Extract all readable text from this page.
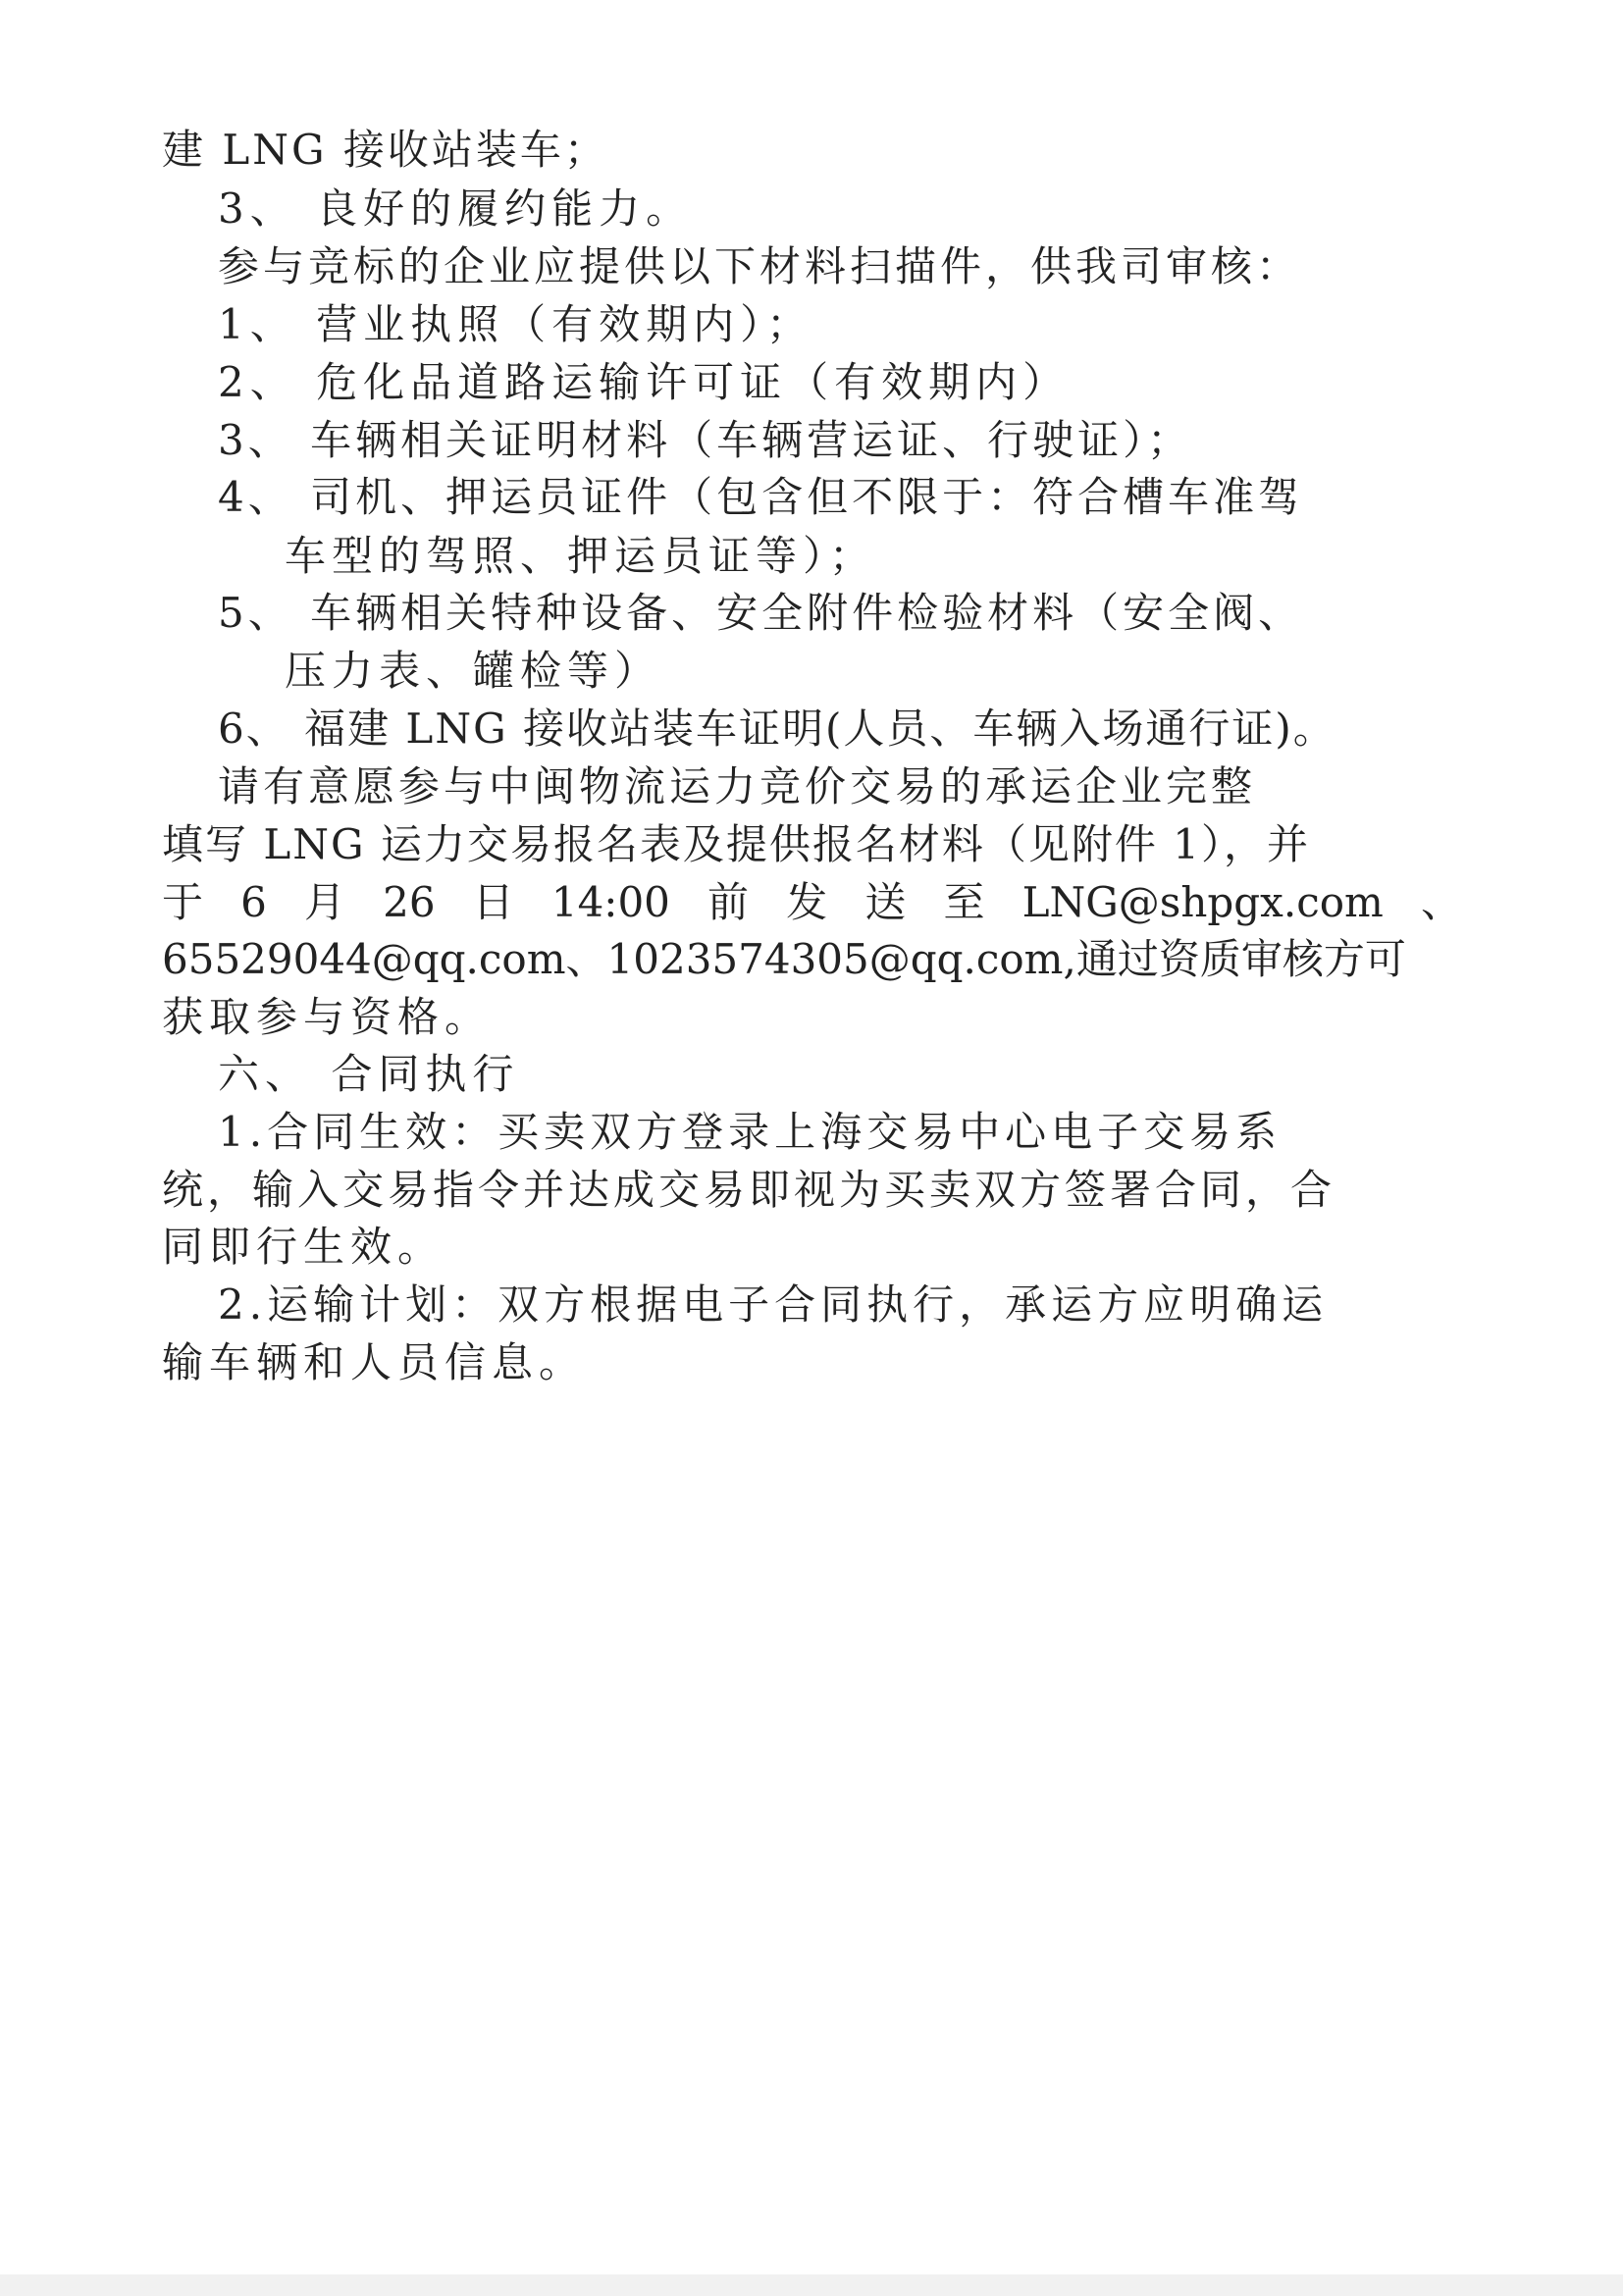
建 LNG 接收站装车；
3、 良好的履约能力。
参与竞标的企业应提供以下材料扫描件，供我司审核：
1、 营业执照（有效期内）；
2、 危化品道路运输许可证（有效期内）
3、 车辆相关证明材料（车辆营运证、行驶证）；
4、 司机、押运员证件（包含但不限于：符合槽车准驾
车型的驾照、押运员证等）；
5、 车辆相关特种设备、安全附件检验材料（安全阀、
压力表、罐检等）
6、 福建 LNG 接收站装车证明(人员、车辆入场通行证)。
请有意愿参与中闽物流运力竞价交易的承运企业完整
填写 LNG 运力交易报名表及提供报名材料（见附件 1），并
于 6 月 26 日 14:00 前 发 送 至 LNG@shpgx.com 、
65529044@qq.com、1023574305@qq.com,通过资质审核方可
获取参与资格。
六、 合同执行
1.合同生效：买卖双方登录上海交易中心电子交易系
统，输入交易指令并达成交易即视为买卖双方签署合同，合
同即行生效。
2.运输计划：双方根据电子合同执行，承运方应明确运
输车辆和人员信息。
